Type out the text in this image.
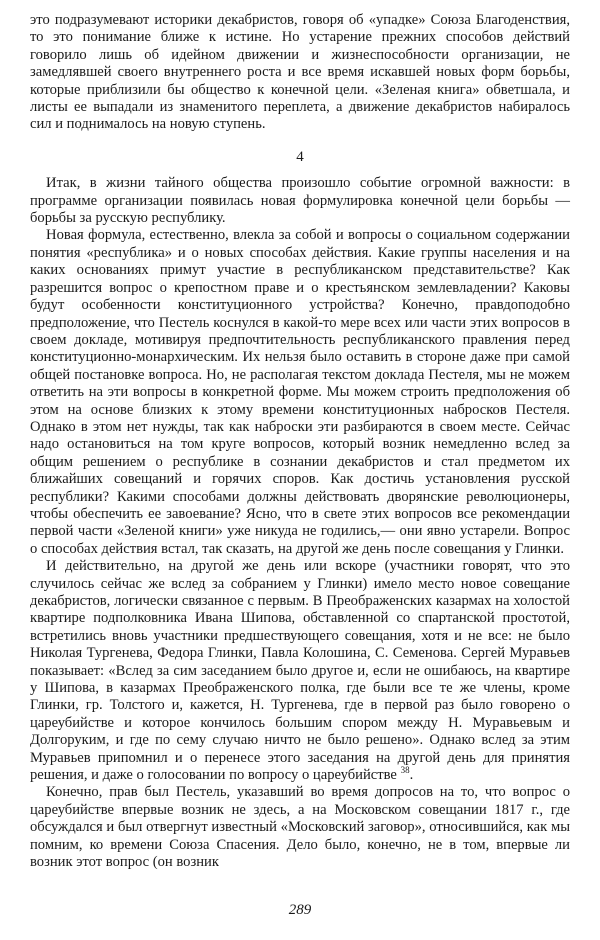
это подразумевают историки декабристов, говоря об «упадке» Союза Благоденствия, то это понимание ближе к истине. Но устарение прежних способов действий говорило лишь об идейном движении и жизнеспособности организации, не замедлявшей своего внутреннего роста и все время искавшей новых форм борьбы, которые приблизили бы общество к конечной цели. «Зеленая книга» обветшала, и листы ее выпадали из знаменитого переплета, а движение декабристов набиралось сил и поднималось на новую ступень.

4

Итак, в жизни тайного общества произошло событие огромной важности: в программе организации появилась новая формулировка конечной цели борьбы — борьбы за русскую республику.

Новая формула, естественно, влекла за собой и вопросы о социальном содержании понятия «республика» и о новых способах действия. Какие группы населения и на каких основаниях примут участие в республиканском представительстве? Как разрешится вопрос о крепостном праве и о крестьянском землевладении? Каковы будут особенности конституционного устройства? Конечно, правдоподобно предположение, что Пестель коснулся в какой-то мере всех или части этих вопросов в своем докладе, мотивируя предпочтительность республиканского правления перед конституционно-монархическим. Их нельзя было оставить в стороне даже при самой общей постановке вопроса. Но, не располагая текстом доклада Пестеля, мы не можем ответить на эти вопросы в конкретной форме. Мы можем строить предположения об этом на основе близких к этому времени конституционных набросков Пестеля. Однако в этом нет нужды, так как наброски эти разбираются в своем месте. Сейчас надо остановиться на том круге вопросов, который возник немедленно вслед за общим решением о республике в сознании декабристов и стал предметом их ближайших совещаний и горячих споров. Как достичь установления русской республики? Какими способами должны действовать дворянские революционеры, чтобы обеспечить ее завоевание? Ясно, что в свете этих вопросов все рекомендации первой части «Зеленой книги» уже никуда не годились,— они явно устарели. Вопрос о способах действия встал, так сказать, на другой же день после совещания у Глинки.

И действительно, на другой же день или вскоре (участники говорят, что это случилось сейчас же вслед за собранием у Глинки) имело место новое совещание декабристов, логически связанное с первым. В Преображенских казармах на холостой квартире подполковника Ивана Шипова, обставленной со спартанской простотой, встретились вновь участники предшествующего совещания, хотя и не все: не было Николая Тургенева, Федора Глинки, Павла Колошина, С. Семенова. Сергей Муравьев показывает: «Вслед за сим заседанием было другое и, если не ошибаюсь, на квартире у Шипова, в казармах Преображенского полка, где были все те же члены, кроме Глинки, гр. Толстого и, кажется, Н. Тургенева, где в первой раз было говорено о цареубийстве и которое кончилось большим спором между Н. Муравьевым и Долгоруким, и где по сему случаю ничто не было решено». Однако вслед за этим Муравьев припомнил и о перенесе этого заседания на другой день для принятия решения, и даже о голосовании по вопросу о цареубийстве $^{38}$.

Конечно, прав был Пестель, указавший во время допросов на то, что вопрос о цареубийстве впервые возник не здесь, а на Московском совещании 1817 г., где обсуждался и был отвергнут известный «Московский заговор», относившийся, как мы помним, ко времени Союза Спасения. Дело было, конечно, не в том, впервые ли возник этот вопрос (он возник

289
